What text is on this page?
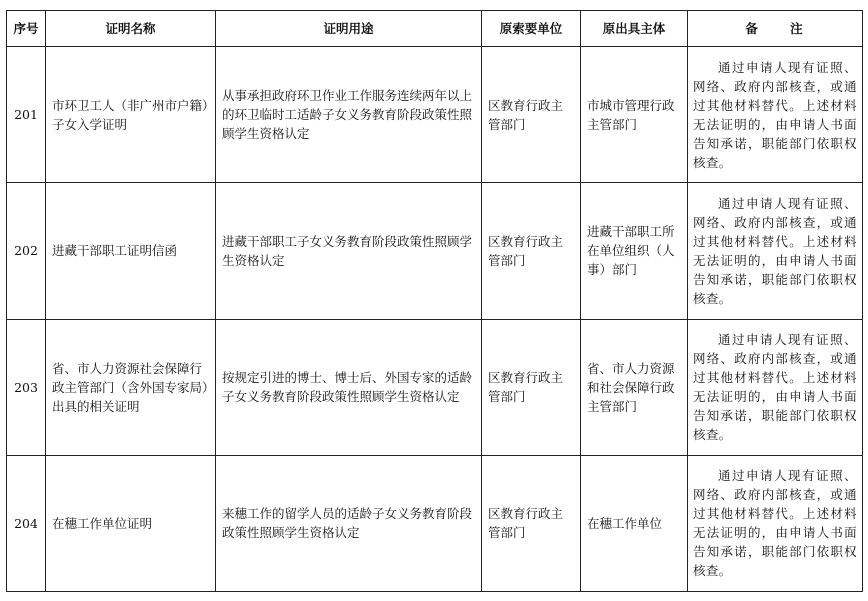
序号	证明名称	证明用途	原索要单位	原出具主体	备 注
201	市环卫工人（非广州市户籍）子女入学证明	从事承担政府环卫作业工作服务连续两年以上的环卫临时工适龄子女义务教育阶段政策性照顾学生资格认定	区教育行政主管部门	市城市管理行政主管部门	通过申请人现有证照、网络、政府内部核查，或通过其他材料替代。上述材料无法证明的，由申请人书面告知承诺，职能部门依职权核查。

202	进藏干部职工证明信函	进藏干部职工子女义务教育阶段政策性照顾学生资格认定	区教育行政主管部门	进藏干部职工所在单位组织（人事）部门	通过申请人现有证照、网络、政府内部核查，或通过其他材料替代。上述材料无法证明的，由申请人书面告知承诺，职能部门依职权核查。

203	省、市人力资源社会保障行政主管部门（含外国专家局）出具的相关证明	按规定引进的博士、博士后、外国专家的适龄子女义务教育阶段政策性照顾学生资格认定	区教育行政主管部门	省、市人力资源和社会保障行政主管部门	通过申请人现有证照、网络、政府内部核查，或通过其他材料替代。上述材料无法证明的，由申请人书面告知承诺，职能部门依职权核查。

204	在穗工作单位证明	来穗工作的留学人员的适龄子女义务教育阶段政策性照顾学生资格认定	区教育行政主管部门	在穗工作单位	通过申请人现有证照、网络、政府内部核查，或通过其他材料替代。上述材料无法证明的，由申请人书面告知承诺，职能部门依职权核查。
